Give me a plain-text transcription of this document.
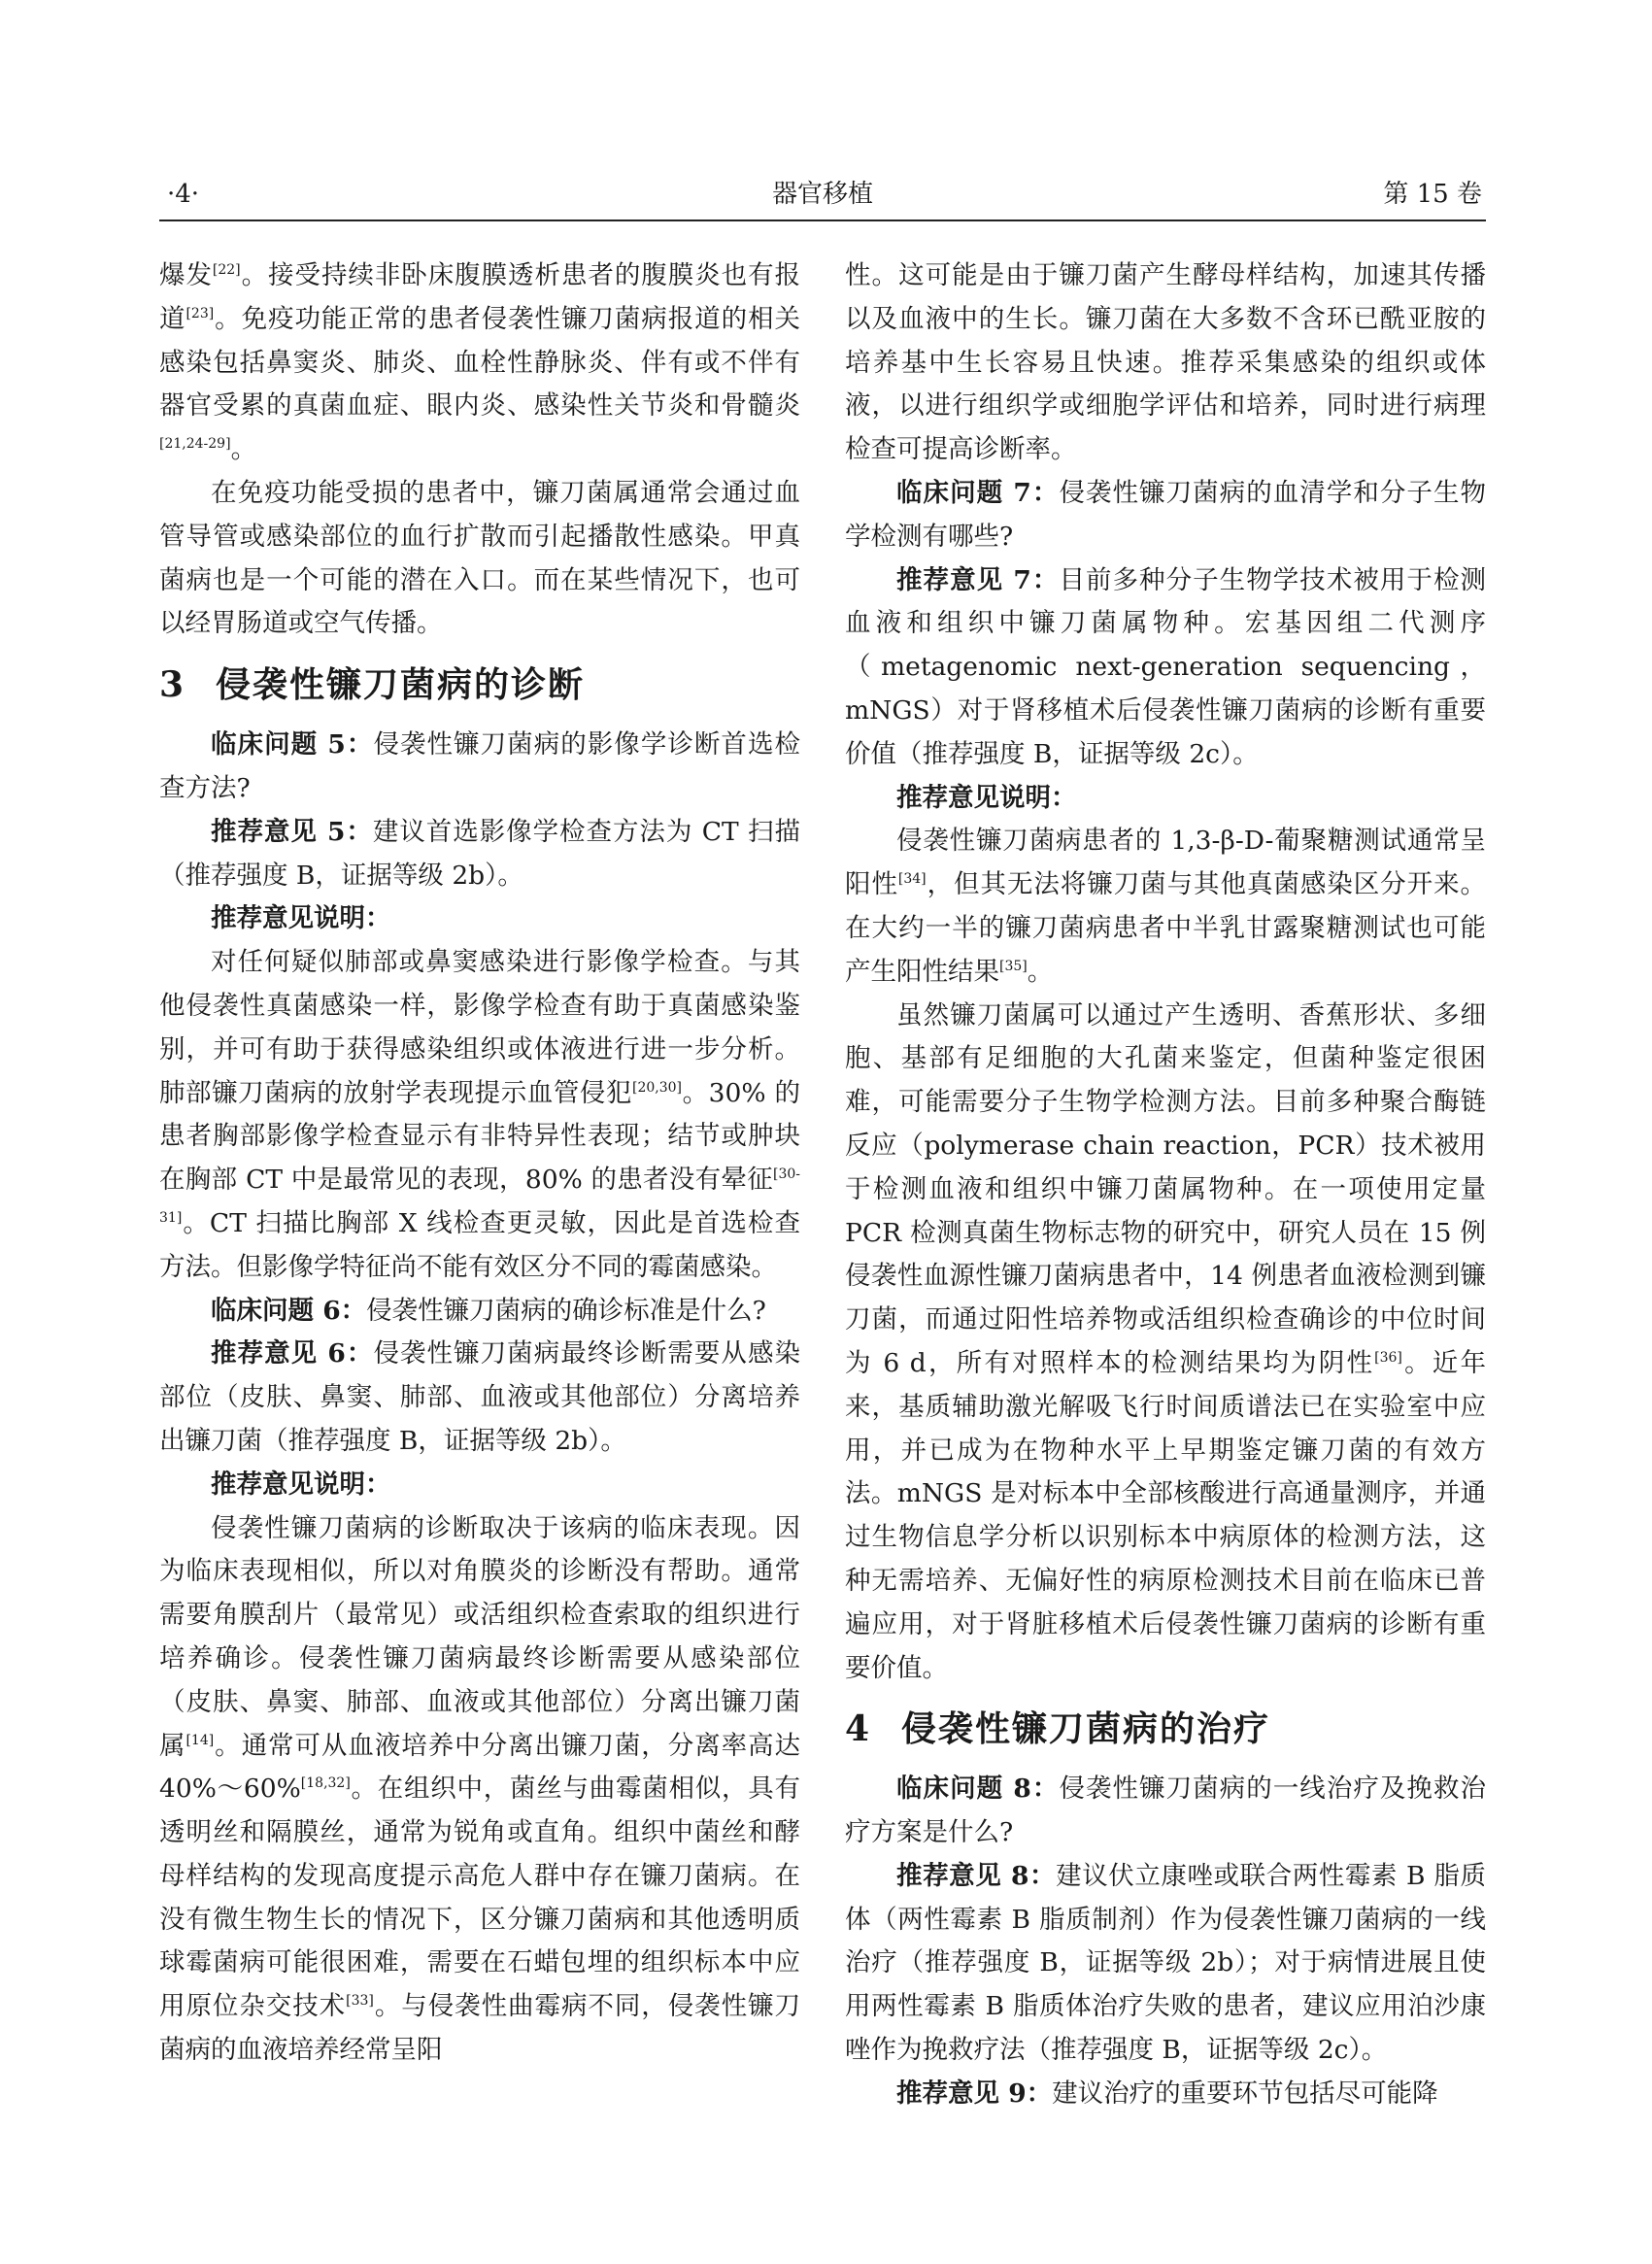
器官移植
·4·	第 15 卷

爆发[22]。接受持续非卧床腹膜透析患者的腹膜炎也有报道[23]。免疫功能正常的患者侵袭性镰刀菌病报道的相关感染包括鼻窦炎、肺炎、血栓性静脉炎、伴有或不伴有器官受累的真菌血症、眼内炎、感染性关节炎和骨髓炎[21,24-29]。

在免疫功能受损的患者中，镰刀菌属通常会通过血管导管或感染部位的血行扩散而引起播散性感染。甲真菌病也是一个可能的潜在入口。而在某些情况下，也可以经胃肠道或空气传播。

3 侵袭性镰刀菌病的诊断

临床问题 5：侵袭性镰刀菌病的影像学诊断首选检查方法?

推荐意见 5：建议首选影像学检查方法为 CT 扫描（推荐强度 B，证据等级 2b）。

推荐意见说明：

对任何疑似肺部或鼻窦感染进行影像学检查。与其他侵袭性真菌感染一样，影像学检查有助于真菌感染鉴别，并可有助于获得感染组织或体液进行进一步分析。肺部镰刀菌病的放射学表现提示血管侵犯[20,30]。30% 的患者胸部影像学检查显示有非特异性表现；结节或肿块在胸部 CT 中是最常见的表现，80% 的患者没有晕征[30-31]。CT 扫描比胸部 X 线检查更灵敏，因此是首选检查方法。但影像学特征尚不能有效区分不同的霉菌感染。

临床问题 6：侵袭性镰刀菌病的确诊标准是什么?

推荐意见 6：侵袭性镰刀菌病最终诊断需要从感染部位（皮肤、鼻窦、肺部、血液或其他部位）分离培养出镰刀菌（推荐强度 B，证据等级 2b）。

推荐意见说明：

侵袭性镰刀菌病的诊断取决于该病的临床表现。因为临床表现相似，所以对角膜炎的诊断没有帮助。通常需要角膜刮片（最常见）或活组织检查索取的组织进行培养确诊。侵袭性镰刀菌病最终诊断需要从感染部位（皮肤、鼻窦、肺部、血液或其他部位）分离出镰刀菌属[14]。通常可从血液培养中分离出镰刀菌，分离率高达 40%～60%[18,32]。在组织中，菌丝与曲霉菌相似，具有透明丝和隔膜丝，通常为锐角或直角。组织中菌丝和酵母样结构的发现高度提示高危人群中存在镰刀菌病。在没有微生物生长的情况下，区分镰刀菌病和其他透明质球霉菌病可能很困难，需要在石蜡包埋的组织标本中应用原位杂交技术[33]。与侵袭性曲霉病不同，侵袭性镰刀菌病的血液培养经常呈阳

性。这可能是由于镰刀菌产生酵母样结构，加速其传播以及血液中的生长。镰刀菌在大多数不含环已酰亚胺的培养基中生长容易且快速。推荐采集感染的组织或体液，以进行组织学或细胞学评估和培养，同时进行病理检查可提高诊断率。

临床问题 7：侵袭性镰刀菌病的血清学和分子生物学检测有哪些?

推荐意见 7：目前多种分子生物学技术被用于检测血液和组织中镰刀菌属物种。宏基因组二代测序（metagenomic next-generation sequencing，mNGS）对于肾移植术后侵袭性镰刀菌病的诊断有重要价值（推荐强度 B，证据等级 2c）。

推荐意见说明：

侵袭性镰刀菌病患者的 1,3-β-D-葡聚糖测试通常呈阳性[34]，但其无法将镰刀菌与其他真菌感染区分开来。在大约一半的镰刀菌病患者中半乳甘露聚糖测试也可能产生阳性结果[35]。

虽然镰刀菌属可以通过产生透明、香蕉形状、多细胞、基部有足细胞的大孔菌来鉴定，但菌种鉴定很困难，可能需要分子生物学检测方法。目前多种聚合酶链反应（polymerase chain reaction，PCR）技术被用于检测血液和组织中镰刀菌属物种。在一项使用定量 PCR 检测真菌生物标志物的研究中，研究人员在 15 例侵袭性血源性镰刀菌病患者中，14 例患者血液检测到镰刀菌，而通过阳性培养物或活组织检查确诊的中位时间为 6 d，所有对照样本的检测结果均为阴性[36]。近年来，基质辅助激光解吸飞行时间质谱法已在实验室中应用，并已成为在物种水平上早期鉴定镰刀菌的有效方法。mNGS 是对标本中全部核酸进行高通量测序，并通过生物信息学分析以识别标本中病原体的检测方法，这种无需培养、无偏好性的病原检测技术目前在临床已普遍应用，对于肾脏移植术后侵袭性镰刀菌病的诊断有重要价值。

4 侵袭性镰刀菌病的治疗

临床问题 8：侵袭性镰刀菌病的一线治疗及挽救治疗方案是什么?

推荐意见 8：建议伏立康唑或联合两性霉素 B 脂质体（两性霉素 B 脂质制剂）作为侵袭性镰刀菌病的一线治疗（推荐强度 B，证据等级 2b）；对于病情进展且使用两性霉素 B 脂质体治疗失败的患者，建议应用泊沙康唑作为挽救疗法（推荐强度 B，证据等级 2c）。

推荐意见 9：建议治疗的重要环节包括尽可能降
